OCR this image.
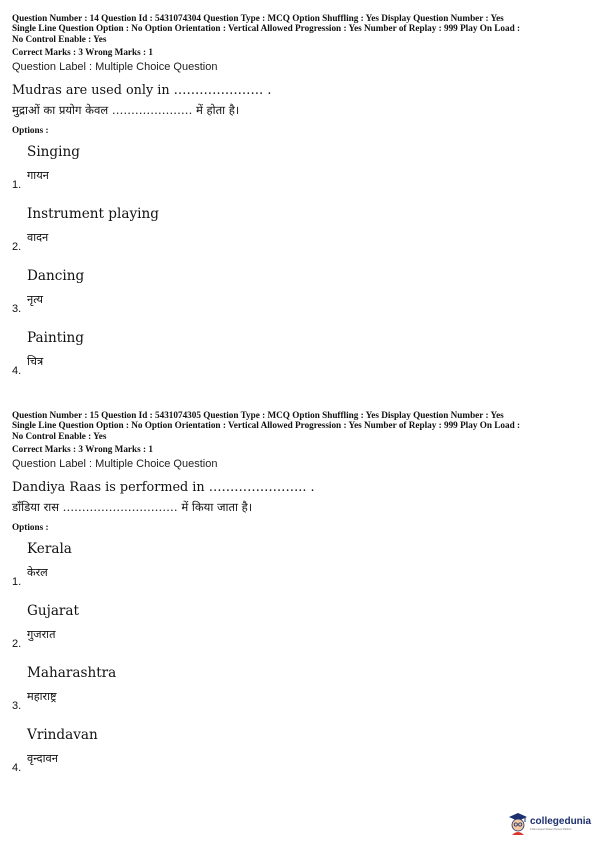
Question Number : 14 Question Id : 5431074304 Question Type : MCQ Option Shuffling : Yes Display Question Number : Yes
Single Line Question Option : No Option Orientation : Vertical Allowed Progression : Yes Number of Replay : 999 Play On Load :
No Control Enable : Yes
Correct Marks : 3 Wrong Marks : 1
Question Label : Multiple Choice Question
Mudras are used only in ………………… .
मुद्राओं का प्रयोग केवल ………………… में होता है।
Options :
Singing
गायन
1.
Instrument playing
वादन
2.
Dancing
नृत्य
3.
Painting
चित्र
4.
Question Number : 15 Question Id : 5431074305 Question Type : MCQ Option Shuffling : Yes Display Question Number : Yes
Single Line Question Option : No Option Orientation : Vertical Allowed Progression : Yes Number of Replay : 999 Play On Load :
No Control Enable : Yes
Correct Marks : 3 Wrong Marks : 1
Question Label : Multiple Choice Question
Dandiya Raas is performed in ………………….. .
डाँडिया रास ………………………… में किया जाता है।
Options :
Kerala
केरल
1.
Gujarat
गुजरात
2.
Maharashtra
महाराष्ट्र
3.
Vrindavan
वृन्दावन
4.
collegedunia
India's largest Student Review Platform
